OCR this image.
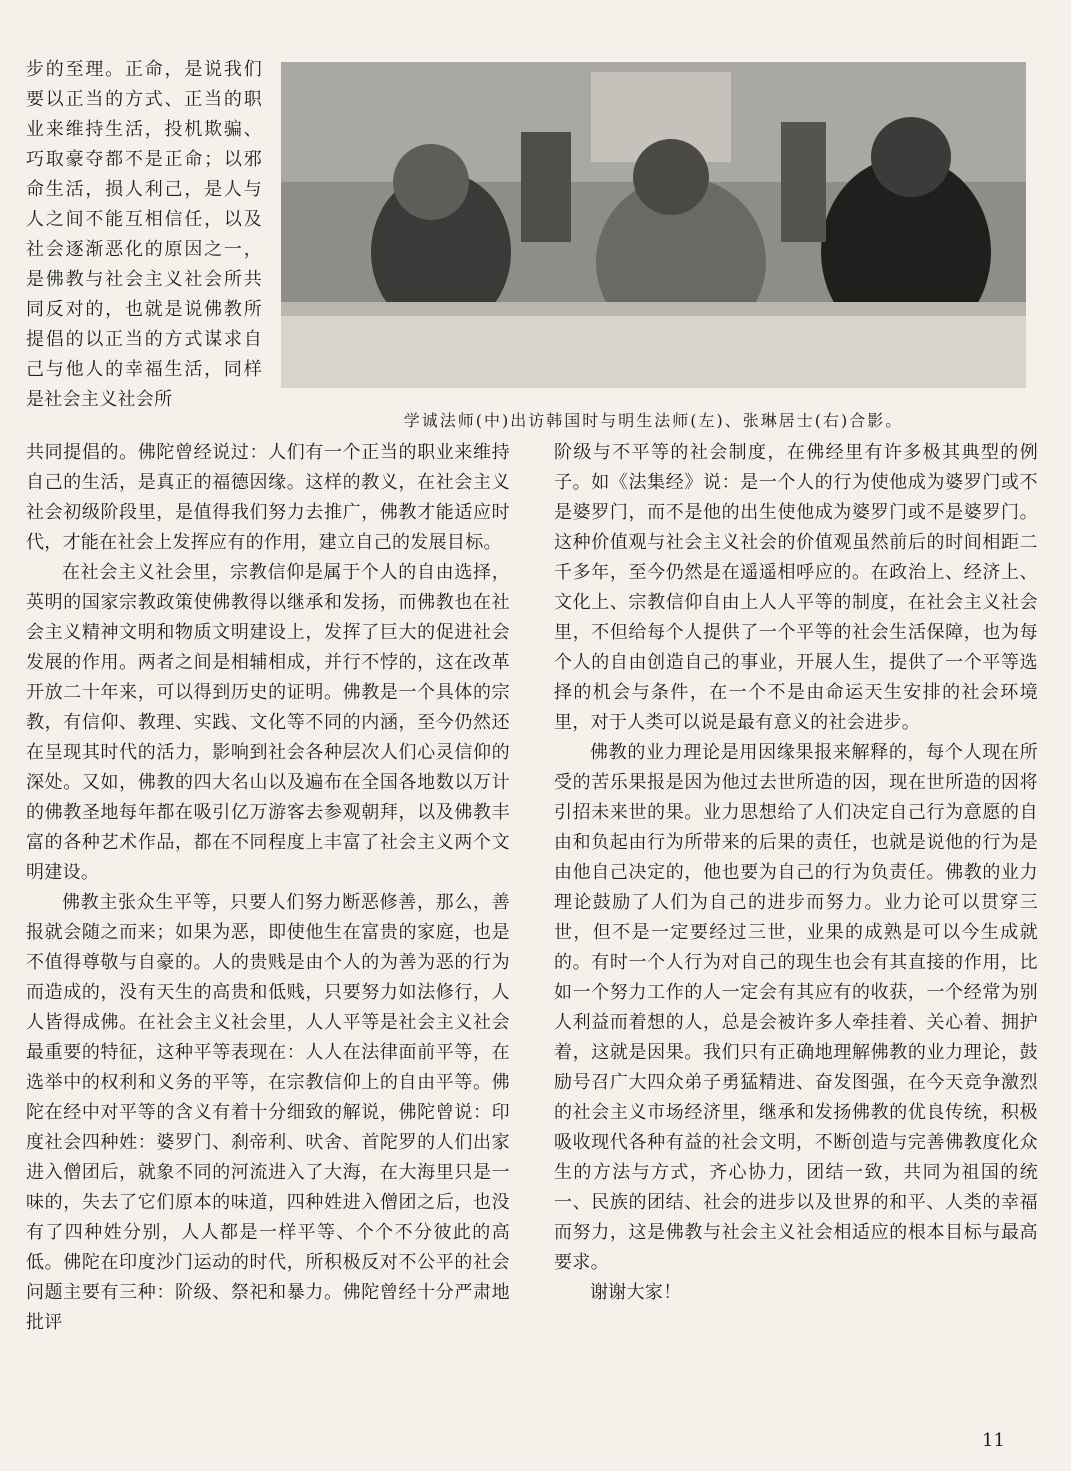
步的至理。正命，是说我们要以正当的方式、正当的职业来维持生活，投机欺骗、巧取豪夺都不是正命；以邪命生活，损人利己，是人与人之间不能互相信任，以及社会逐渐恶化的原因之一，是佛教与社会主义社会所共同反对的，也就是说佛教所提倡的以正当的方式谋求自己与他人的幸福生活，同样是社会主义社会所

学诚法师(中)出访韩国时与明生法师(左)、张琳居士(右)合影。

共同提倡的。佛陀曾经说过：人们有一个正当的职业来维持自己的生活，是真正的福德因缘。这样的教义，在社会主义社会初级阶段里，是值得我们努力去推广，佛教才能适应时代，才能在社会上发挥应有的作用，建立自己的发展目标。

在社会主义社会里，宗教信仰是属于个人的自由选择，英明的国家宗教政策使佛教得以继承和发扬，而佛教也在社会主义精神文明和物质文明建设上，发挥了巨大的促进社会发展的作用。两者之间是相辅相成，并行不悖的，这在改革开放二十年来，可以得到历史的证明。佛教是一个具体的宗教，有信仰、教理、实践、文化等不同的内涵，至今仍然还在呈现其时代的活力，影响到社会各种层次人们心灵信仰的深处。又如，佛教的四大名山以及遍布在全国各地数以万计的佛教圣地每年都在吸引亿万游客去参观朝拜，以及佛教丰富的各种艺术作品，都在不同程度上丰富了社会主义两个文明建设。

佛教主张众生平等，只要人们努力断恶修善，那么，善报就会随之而来；如果为恶，即使他生在富贵的家庭，也是不值得尊敬与自豪的。人的贵贱是由个人的为善为恶的行为而造成的，没有天生的高贵和低贱，只要努力如法修行，人人皆得成佛。在社会主义社会里，人人平等是社会主义社会最重要的特征，这种平等表现在：人人在法律面前平等，在选举中的权利和义务的平等，在宗教信仰上的自由平等。佛陀在经中对平等的含义有着十分细致的解说，佛陀曾说：印度社会四种姓：婆罗门、刹帝利、吠舍、首陀罗的人们出家进入僧团后，就象不同的河流进入了大海，在大海里只是一味的，失去了它们原本的味道，四种姓进入僧团之后，也没有了四种姓分别，人人都是一样平等、个个不分彼此的高低。佛陀在印度沙门运动的时代，所积极反对不公平的社会问题主要有三种：阶级、祭祀和暴力。佛陀曾经十分严肃地批评

阶级与不平等的社会制度，在佛经里有许多极其典型的例子。如《法集经》说：是一个人的行为使他成为婆罗门或不是婆罗门，而不是他的出生使他成为婆罗门或不是婆罗门。这种价值观与社会主义社会的价值观虽然前后的时间相距二千多年，至今仍然是在遥遥相呼应的。在政治上、经济上、文化上、宗教信仰自由上人人平等的制度，在社会主义社会里，不但给每个人提供了一个平等的社会生活保障，也为每个人的自由创造自己的事业，开展人生，提供了一个平等选择的机会与条件，在一个不是由命运天生安排的社会环境里，对于人类可以说是最有意义的社会进步。

佛教的业力理论是用因缘果报来解释的，每个人现在所受的苦乐果报是因为他过去世所造的因，现在世所造的因将引招未来世的果。业力思想给了人们决定自己行为意愿的自由和负起由行为所带来的后果的责任，也就是说他的行为是由他自己决定的，他也要为自己的行为负责任。佛教的业力理论鼓励了人们为自己的进步而努力。业力论可以贯穿三世，但不是一定要经过三世，业果的成熟是可以今生成就的。有时一个人行为对自己的现生也会有其直接的作用，比如一个努力工作的人一定会有其应有的收获，一个经常为别人利益而着想的人，总是会被许多人牵挂着、关心着、拥护着，这就是因果。我们只有正确地理解佛教的业力理论，鼓励号召广大四众弟子勇猛精进、奋发图强，在今天竞争激烈的社会主义市场经济里，继承和发扬佛教的优良传统，积极吸收现代各种有益的社会文明，不断创造与完善佛教度化众生的方法与方式，齐心协力，团结一致，共同为祖国的统一、民族的团结、社会的进步以及世界的和平、人类的幸福而努力，这是佛教与社会主义社会相适应的根本目标与最高要求。

谢谢大家！

11
